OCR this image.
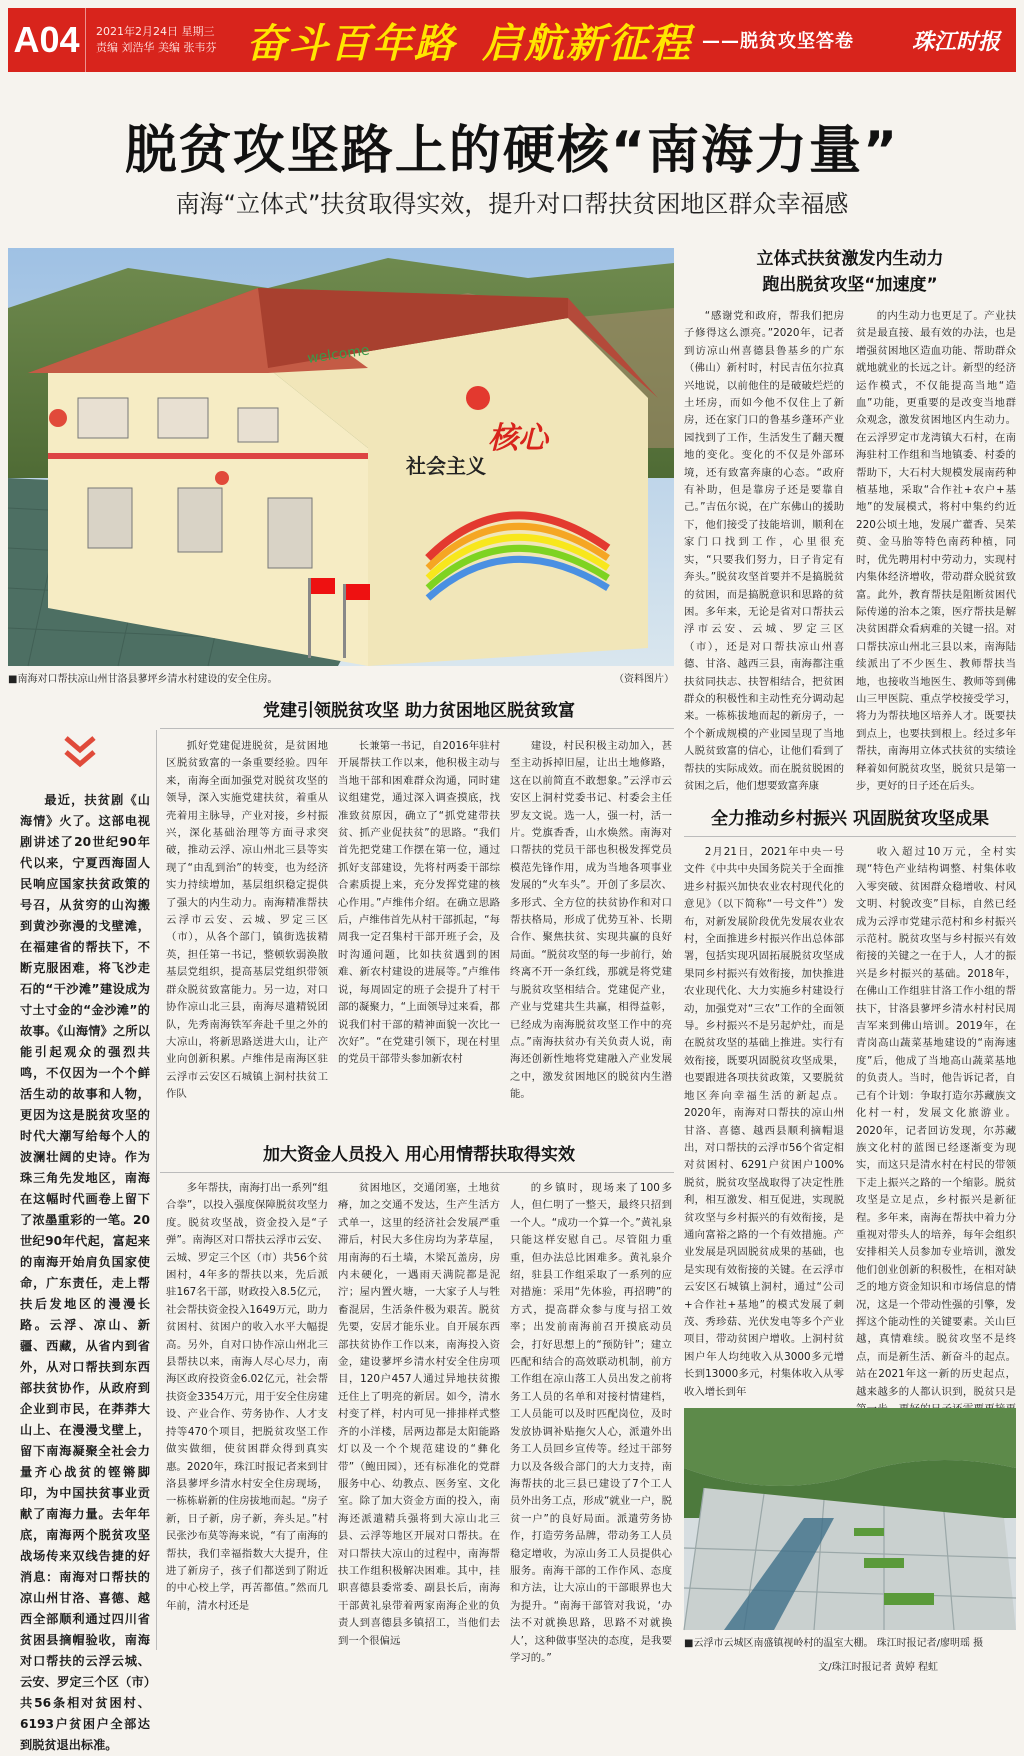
A04	2021年2月24日 星期三
责编 刘浩华 美编 张韦芬 奋斗百年路 启航新征程 ——脱贫攻坚答卷	珠江时报
脱贫攻坚路上的硬核“南海力量”
南海“立体式”扶贫取得实效，提升对口帮扶贫困地区群众幸福感
welcome
社会主义
核心
■南海对口帮扶凉山州甘洛县蓼坪乡清水村建设的安全住房。	（资料图片）
立体式扶贫激发内生动力
跑出脱贫攻坚“加速度”

“感谢党和政府，帮我们把房子修得这么漂亮。”2020年，记者到访凉山州喜德县鲁基乡的广东（佛山）新村时，村民吉伍尔拉真兴地说，以前他住的是破破烂烂的土坯房，而如今他不仅住上了新房，还在家门口的鲁基乡蓬环产业园找到了工作，生活发生了翻天覆地的变化。变化的不仅是外部环境，还有致富奔康的心态。“政府有补助，但是靠房子还是要靠自己。”吉伍尔说，在广东佛山的援助下，他们接受了技能培训，顺利在家门口找到工作，心里很充实，“只要我们努力，日子肯定有奔头。”脱贫攻坚首要并不是搞脱贫的贫困，而是搞脱意识和思路的贫困。多年来，无论是省对口帮扶云浮市云安、云城、罗定三区（市），还是对口帮扶凉山州喜德、甘洛、越西三县，南海都注重扶贫同扶志、扶智相结合，把贫困群众的积极性和主动性充分调动起来。一栋栋拔地而起的新房子，一个个新成规模的产业园呈现了当地人脱贫致富的信心，让他们看到了帮扶的实际成效。而在脱贫脱困的贫困之后，他们想要致富奔康

的内生动力也更足了。产业扶贫是最直接、最有效的办法，也是增强贫困地区造血功能、帮助群众就地就业的长远之计。新型的经济运作模式，不仅能提高当地“造血”功能，更重要的是改变当地群众观念，激发贫困地区内生动力。在云浮罗定市龙湾镇大石村，在南海驻村工作组和当地镇委、村委的帮助下，大石村大规模发展南药种植基地，采取“合作社+农户+基地”的发展模式，将村中集约约近220公顷土地，发展广藿香、吴茱萸、金马胎等特色南药种植，同时，优先聘用村中劳动力，实现村内集体经济增收，带动群众脱贫致富。此外，教育帮扶是阻断贫困代际传递的治本之策，医疗帮扶是解决贫困群众看病难的关键一招。对口帮扶凉山州北三县以来，南海陆续派出了不少医生、教师帮扶当地，也接收当地医生、教师等到佛山三甲医院、重点学校接受学习，将力为帮扶地区培养人才。既要扶到点上，也要扶到根上。经过多年帮扶，南海用立体式扶贫的实绩诠释着如何脱贫攻坚，脱贫只是第一步，更好的日子还在后头。

党建引领脱贫攻坚 助力贫困地区脱贫致富

抓好党建促进脱贫，是贫困地区脱贫致富的一条重要经验。四年来，南海全面加强党对脱贫攻坚的领导，深入实施党建扶贫，着重从壳着用主脉导，产业对接，乡村振兴，深化基础治理等方面寻求突破，推动云浮、凉山州北三县等实现了“由乱到治”的转变，也为经济实力持续增加，基层组织稳定提供了强大的内生动力。南海精准帮扶云浮市云安、云城、罗定三区（市），从各个部门，镇街选拔精英，担任第一书记，整顿软弱涣散基层党组织，提高基层党组织带领群众脱贫致富能力。另一边，对口协作凉山北三县，南海尽遣精锐团队，先秀南海铁军奔赴千里之外的大凉山，将新思路送进大山，让产业向创新积累。卢维伟是南海区驻云浮市云安区石城镇上洞村扶贫工作队

长兼第一书记，自2016年驻村开展帮扶工作以来，他积极主动与当地干部和困难群众沟通，同时建议组建党，通过深入调查摸底，找准致贫原因，确立了“抓党建带扶贫、抓产业促扶贫”的思路。“我们首先把党建工作摆在第一位，通过抓好支部建设，先将村两委干部综合素质提上来，充分发挥党建的核心作用。”卢维伟介绍。在确立思路后，卢维伟首先从村干部抓起，“每周我一定召集村干部开班子会，及时沟通问题，比如扶贫遇到的困难、新农村建设的进展等。”卢维伟说，每周固定的班子会提升了村干部的凝聚力，“上面领导过来看，都说我们村干部的精神面貌一次比一次好”。“在党建引领下，现在村里的党员干部带头参加新农村

建设，村民积极主动加入，甚至主动拆掉旧屋，让出土地修路，这在以前简直不敢想象。”云浮市云安区上洞村党委书记、村委会主任罗友文说。选一人，强一村，活一片。党旗香香，山水焕然。南海对口帮扶的党员干部也积极发挥党员模范先锋作用，成为当地各项事业发展的“火车头”。开创了多层次、多形式、全方位的扶贫协作和对口帮扶格局，形成了优势互补、长期合作、聚焦扶贫、实现共赢的良好局面。“脱贫攻坚的每一步前行，始终离不开一条红线，那就是将党建与脱贫攻坚相结合。党建促产业，产业与党建共生共赢，相得益彰，已经成为南海脱贫攻坚工作中的亮点。”南海扶贫办有关负责人说，南海还创新性地将党建融入产业发展之中，激发贫困地区的脱贫内生潜能。

最近，扶贫剧《山海情》火了。这部电视剧讲述了20世纪90年代以来，宁夏西海固人民响应国家扶贫政策的号召，从贫穷的山沟搬到黄沙弥漫的戈壁滩，在福建省的帮扶下，不断克服困难，将飞沙走石的“干沙滩”建设成为寸土寸金的“金沙滩”的故事。《山海情》之所以能引起观众的强烈共鸣，不仅因为一个个鲜活生动的故事和人物，更因为这是脱贫攻坚的时代大潮写给每个人的波澜壮阔的史诗。作为珠三角先发地区，南海在这幅时代画卷上留下了浓墨重彩的一笔。20世纪90年代起，富起来的南海开始肩负国家使命，广东责任，走上帮扶后发地区的漫漫长路。云浮、凉山、新疆、西藏，从省内到省外，从对口帮扶到东西部扶贫协作，从政府到企业到市民，在莽莽大山上、在漫漫戈壁上，留下南海凝聚全社会力量齐心战贫的铿锵脚印，为中国扶贫事业贡献了南海力量。去年年底，南海两个脱贫攻坚战场传来双线告捷的好消息：南海对口帮扶的凉山州甘洛、喜德、越西全部顺利通过四川省贫困县摘帽验收，南海对口帮扶的云浮云城、云安、罗定三个区（市）共56条相对贫困村、6193户贫困户全部达到脱贫退出标准。

加大资金人员投入 用心用情帮扶取得实效

多年帮扶，南海打出一系列“组合拳”，以投入强度保障脱贫攻坚力度。脱贫攻坚战，资金投入是“子弹”。南海区对口帮扶云浮市云安、云城、罗定三个区（市）共56个贫困村，4年多的帮扶以来，先后派驻167名干部，财政投入8.5亿元，社会帮扶资金投入1649万元，助力贫困村、贫困户的收入水平大幅提高。另外，自对口协作凉山州北三县帮扶以来，南海人尽心尽力，南海区政府投资金6.02亿元，社会帮扶资金3354万元，用于安全住房建设、产业合作、劳务协作、人才支持等470个项目，把脱贫攻坚工作做实做细，使贫困群众得到真实惠。2020年，珠江时报记者来到甘洛县蓼坪乡清水村安全住房现场，一栋栋崭新的住房拔地而起。“房子新，日子新，房子新，奔头足。”村民张沙布莫等海来说，“有了南海的帮扶，我们幸福指数大大提升，住进了新房子，孩子们都送到了附近的中心校上学，再苦都值。”然而几年前，清水村还是

贫困地区，交通闭塞，土地贫瘠，加之交通不发达，生产生活方式单一，这里的经济社会发展严重滞后，村民大多住房均为茅草屋，用南海的石土墙，木梁瓦盖房，房内未硬化，一遇雨天满院都是泥泞；屋内置火塘，一大家子人与牲畜混居，生活条件极为艰苦。脱贫先要，安居才能乐业。自开展东西部扶贫协作工作以来，南海投入资金，建设蓼坪乡清水村安全住房项目，120户457人通过异地扶贫搬迁住上了明亮的新居。如今，清水村变了样，村内可见一排排样式整齐的小洋楼，居两边都是太阳能路灯以及一个个规范建设的“彝化带”（鲍田园），还有标准化的党群服务中心、幼教点、医务室、文化室。除了加大资金方面的投入，南海还派遣精兵强将到大凉山北三县、云浮等地区开展对口帮扶。在对口帮扶大凉山的过程中，南海帮扶工作组积极解决困难。其中，挂职喜德县委常委、副县长后，南海干部黄礼泉带着两家南海企业的负责人到喜德县多镇招工，当他们去到一个很偏远

的乡镇时，现场来了100多人，但仁明了一整天，最终只招到一个人。“成功一个算一个。”黄礼泉只能这样安慰自己。尽管阻力重重，但办法总比困难多。黄礼泉介绍，驻县工作组采取了一系列的应对措施：采用“先体验，再招聘”的方式，提高群众参与度与招工效率；出发前南海前召开摸底动员会，打好思想上的“预防针”；建立匹配和结合的高效联动机制，前方工作组在凉山落工人员出发之前将务工人员的名单和对接村情建档，工人员能可以及时匹配岗位，及时发放协调补贴拖欠人心，派遣外出务工人员回乡宣传等。经过干部努力以及各级合部门的大力支持，南海帮扶的北三县已建设了7个工人员外出务工点，形成“就业一户，脱贫一户”的良好局面。派遣劳务协作，打造劳务品牌，带动务工人员稳定增收，为凉山务工人员提供心服务。南海干部的工作作风、态度和方法，让大凉山的干部眼界也大为提升。“南海干部管对我说，‘办法不对就换思路，思路不对就换人’，这种做事坚决的态度，是我要学习的。”

全力推动乡村振兴 巩固脱贫攻坚成果

2月21日，2021年中央一号文件《中共中央国务院关于全面推进乡村振兴加快农业农村现代化的意见》（以下简称“一号文件”）发布，对新发展阶段优先发展农业农村，全面推进乡村振兴作出总体部署，包括实现巩固拓展脱贫攻坚成果同乡村振兴有效衔接，加快推进农业现代化、大力实施乡村建设行动，加强党对“三农”工作的全面领导。乡村振兴不是另起炉灶，而是在脱贫攻坚的基础上推进。实行有效衔接，既要巩固脱贫攻坚成果，也要跟进各项扶贫政策，又要脱贫地区奔向幸福生活的新起点。2020年，南海对口帮扶的凉山州甘洛、喜德、越西县顺利摘帽退出，对口帮扶的云浮市56个省定相对贫困村、6291户贫困户100%脱贫，脱贫攻坚战取得了决定性胜利，相互激发、相互促进，实现脱贫攻坚与乡村振兴的有效衔接，是通向富裕之路的一个有效措施。产业发展是巩固脱贫成果的基础，也是实现有效衔接的关键。在云浮市云安区石城镇上洞村，通过“公司+合作社+基地”的模式发展了刺茂、秀珍菇、光伏发电等多个产业项目，带动贫困户增收。上洞村贫困户年人均纯收入从3000多元增长到13000多元，村集体收入从零收入增长到年

收入超过10万元，全村实现“特色产业结构调整、村集体收入零突破、贫困群众稳增收、村风文明、村貌改变”目标，自然已经成为云浮市党建示范村和乡村振兴示范村。脱贫攻坚与乡村振兴有效衔接的关键之一在于人，人才的振兴是乡村振兴的基础。2018年，在佛山工作组驻甘洛工作小组的帮扶下，甘洛县蓼坪乡清水村村民周吉军来到佛山培训。2019年，在青岗高山蔬菜基地建设的“南海速度”后，他成了当地高山蔬菜基地的负责人。当时，他告诉记者，自己有个计划：争取打造尔苏藏族文化村一村，发展文化旅游业。2020年，记者回访发现，尔苏藏族文化村的蓝图已经逐渐变为现实，而这只是清水村在村民的带领下走上振兴之路的一个缩影。脱贫攻坚是立足点，乡村振兴是新征程。多年来，南海在帮扶中着力分重视对带头人的培养，每年会组织安排相关人员参加专业培训，激发他们创业创新的积极性，在相对缺乏的地方资金知识和市场信息的情况，这是一个带动性强的引擎，发挥这个能动性的关键要素。关山巨越，真情难续。脱贫攻坚不是终点，而是新生活、新奋斗的起点。站在2021年这一新的历史起点，越来越多的人都认识到，脱贫只是

■云浮市云城区南盛镇视岭村的温室大棚。 珠江时报记者/廖明瑶 摄
文/珠江时报记者 黄婷 程虹
